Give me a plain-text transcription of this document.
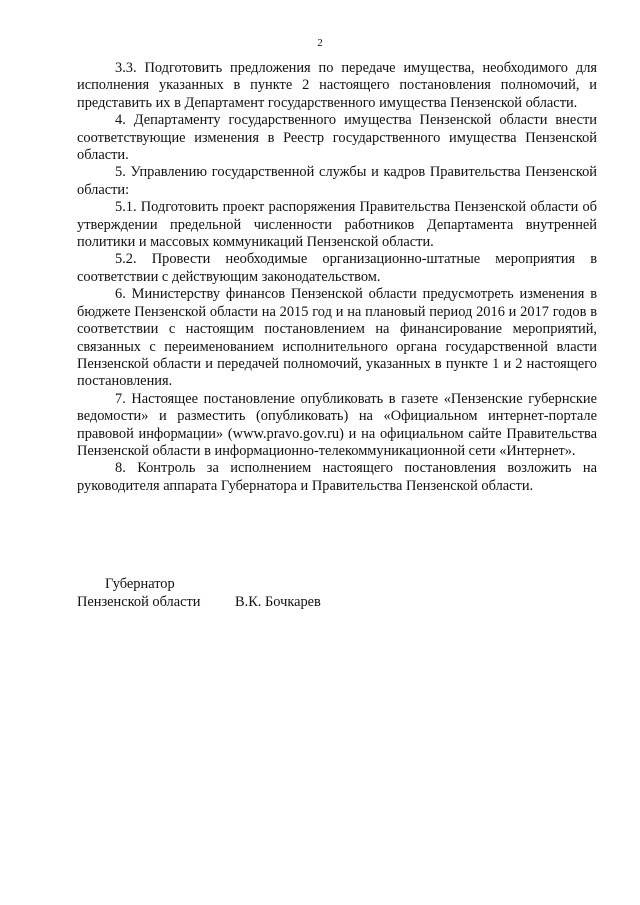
2

3.3. Подготовить предложения по передаче имущества, необходимого для исполнения указанных в пункте 2 настоящего постановления полномочий, и представить их в Департамент государственного имущества Пензенской области.

4. Департаменту государственного имущества Пензенской области внести соответствующие изменения в Реестр государственного имущества Пензенской области.

5. Управлению государственной службы и кадров Правительства Пензенской области:

5.1. Подготовить проект распоряжения Правительства Пензенской области об утверждении предельной численности работников Департамента внутренней политики и массовых коммуникаций Пензенской области.

5.2. Провести необходимые организационно-штатные мероприятия в соответствии с действующим законодательством.

6. Министерству финансов Пензенской области предусмотреть изменения в бюджете Пензенской области на 2015 год и на плановый период 2016 и 2017 годов в соответствии с настоящим постановлением на финансирование мероприятий, связанных с переименованием исполнительного органа государственной власти Пензенской области и передачей полномочий, указанных в пункте 1 и 2 настоящего постановления.

7. Настоящее постановление опубликовать в газете «Пензенские губернские ведомости» и разместить (опубликовать) на «Официальном интернет-портале правовой информации» (www.pravo.gov.ru) и на официальном сайте Правительства Пензенской области в информационно-телекоммуникационной сети «Интернет».

8. Контроль за исполнением настоящего постановления возложить на руководителя аппарата Губернатора и Правительства Пензенской области.

Губернатор
Пензенской области	В.К. Бочкарев
